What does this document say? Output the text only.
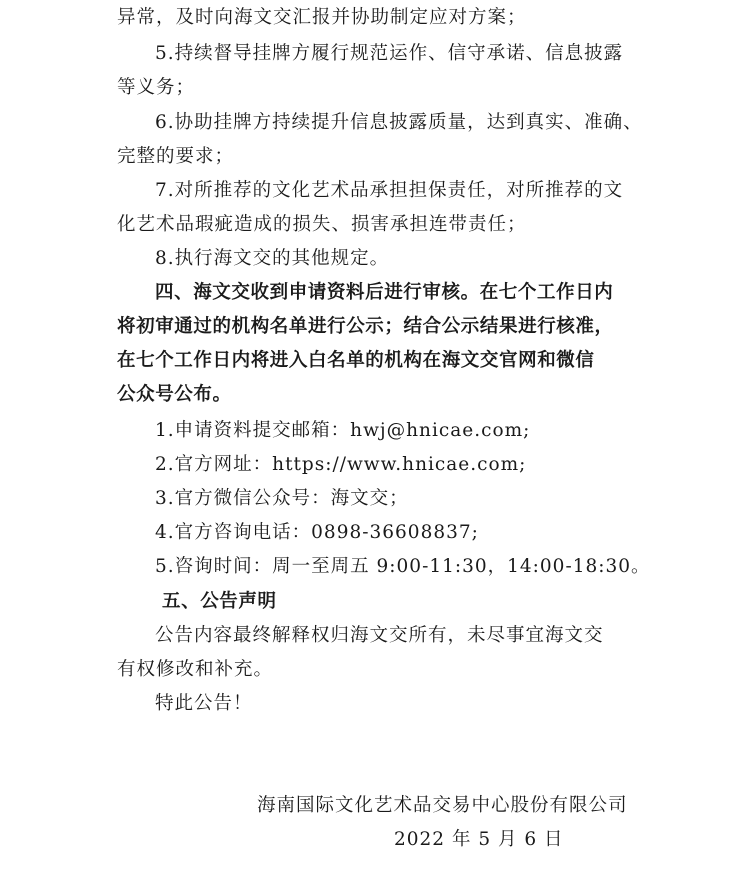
异常，及时向海文交汇报并协助制定应对方案；
5.持续督导挂牌方履行规范运作、信守承诺、信息披露
等义务；
6.协助挂牌方持续提升信息披露质量，达到真实、准确、
完整的要求；
7.对所推荐的文化艺术品承担担保责任，对所推荐的文
化艺术品瑕疵造成的损失、损害承担连带责任；
8.执行海文交的其他规定。
四、海文交收到申请资料后进行审核。在七个工作日内
将初审通过的机构名单进行公示；结合公示结果进行核准，
在七个工作日内将进入白名单的机构在海文交官网和微信
公众号公布。
1.申请资料提交邮箱：hwj@hnicae.com;
2.官方网址：https://www.hnicae.com;
3.官方微信公众号：海文交；
4.官方咨询电话：0898-36608837;
5.咨询时间：周一至周五 9:00-11:30，14:00-18:30。
五、公告声明
公告内容最终解释权归海文交所有，未尽事宜海文交
有权修改和补充。
特此公告！
海南国际文化艺术品交易中心股份有限公司
2022 年 5 月 6 日
